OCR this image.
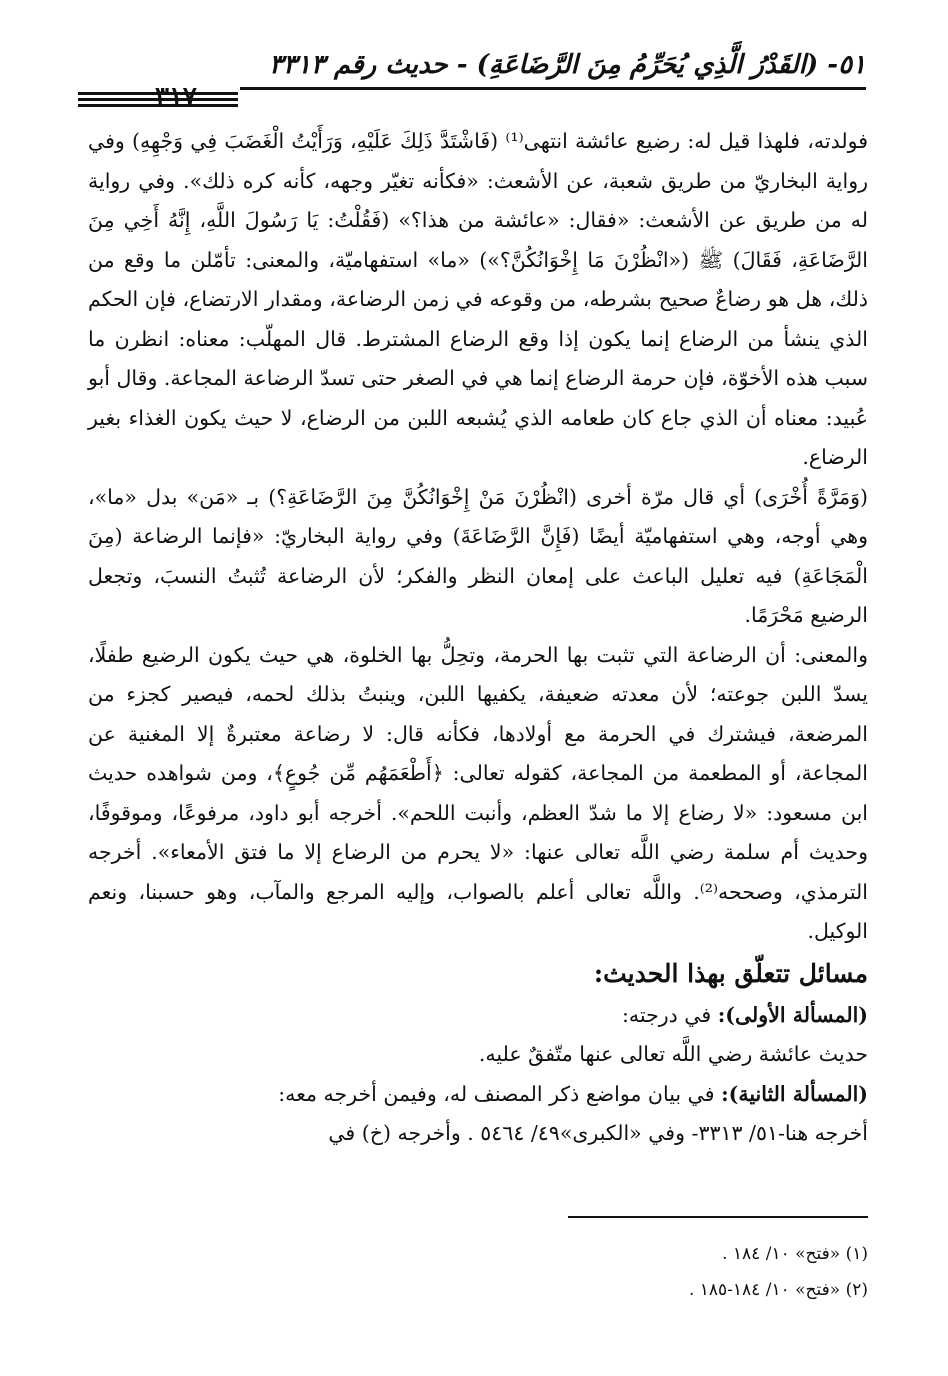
٥١- (القَدْرُ الَّذِي يُحَرِّمُ مِنَ الرَّضَاعَةِ) - حديث رقم ٣٣١٣
٣١٧
فولدته، فلهذا قيل له: رضيع عائشة انتهى⁽¹⁾ (فَاشْتَدَّ ذَلِكَ عَلَيْهِ، وَرَأَيْتُ الْغَضَبَ فِي وَجْهِهِ) وفي رواية البخاريّ من طريق شعبة، عن الأشعث: «فكأنه تغيّر وجهه، كأنه كره ذلك». وفي رواية له من طريق عن الأشعث: «فقال: «عائشة من هذا؟» (فَقُلْتُ: يَا رَسُولَ اللَّهِ، إِنَّهُ أَخِي مِنَ الرَّضَاعَةِ، فَقَالَ) ﷺ («انْظُرْنَ مَا إِخْوَانُكُنَّ؟») «ما» استفهاميّة، والمعنى: تأمّلن ما وقع من ذلك، هل هو رضاعٌ صحيح بشرطه، من وقوعه في زمن الرضاعة، ومقدار الارتضاع، فإن الحكم الذي ينشأ من الرضاع إنما يكون إذا وقع الرضاع المشترط. قال المهلّب: معناه: انظرن ما سبب هذه الأخوّة، فإن حرمة الرضاع إنما هي في الصغر حتى تسدّ الرضاعة المجاعة. وقال أبو عُبيد: معناه أن الذي جاع كان طعامه الذي يُشبعه اللبن من الرضاع، لا حيث يكون الغذاء بغير الرضاع.
(وَمَرَّةً أُخْرَى) أي قال مرّة أخرى (انْظُرْنَ مَنْ إِخْوَانُكُنَّ مِنَ الرَّضَاعَةِ؟) بـ «مَن» بدل «ما»، وهي أوجه، وهي استفهاميّة أيضًا (فَإِنَّ الرَّضَاعَةَ) وفي رواية البخاريّ: «فإنما الرضاعة (مِنَ الْمَجَاعَةِ) فيه تعليل الباعث على إمعان النظر والفكر؛ لأن الرضاعة تُثبتُ النسبَ، وتجعل الرضيع مَحْرَمًا.
والمعنى: أن الرضاعة التي تثبت بها الحرمة، وتحِلُّ بها الخلوة، هي حيث يكون الرضيع طفلًا، يسدّ اللبن جوعته؛ لأن معدته ضعيفة، يكفيها اللبن، وينبتُ بذلك لحمه، فيصير كجزء من المرضعة، فيشترك في الحرمة مع أولادها، فكأنه قال: لا رضاعة معتبرةٌ إلا المغنية عن المجاعة، أو المطعمة من المجاعة، كقوله تعالى: ﴿أَطْعَمَهُم مِّن جُوعٍ﴾، ومن شواهده حديث ابن مسعود: «لا رضاع إلا ما شدّ العظم، وأنبت اللحم». أخرجه أبو داود، مرفوعًا، وموقوفًا، وحديث أم سلمة رضي اللَّه تعالى عنها: «لا يحرم من الرضاع إلا ما فتق الأمعاء». أخرجه الترمذي، وصححه⁽²⁾. واللَّه تعالى أعلم بالصواب، وإليه المرجع والمآب، وهو حسبنا، ونعم الوكيل.
مسائل تتعلّق بهذا الحديث:
(المسألة الأولى): في درجته:
حديث عائشة رضي اللَّه تعالى عنها متّفقٌ عليه.
(المسألة الثانية): في بيان مواضع ذكر المصنف له، وفيمن أخرجه معه:
أخرجه هنا-٥١/ ٣٣١٣- وفي «الكبرى»٤٩/ ٥٤٦٤ . وأخرجه (خ) في
(١) «فتح» ١٠/ ١٨٤ .
(٢) «فتح» ١٠/ ١٨٤-١٨٥ .
